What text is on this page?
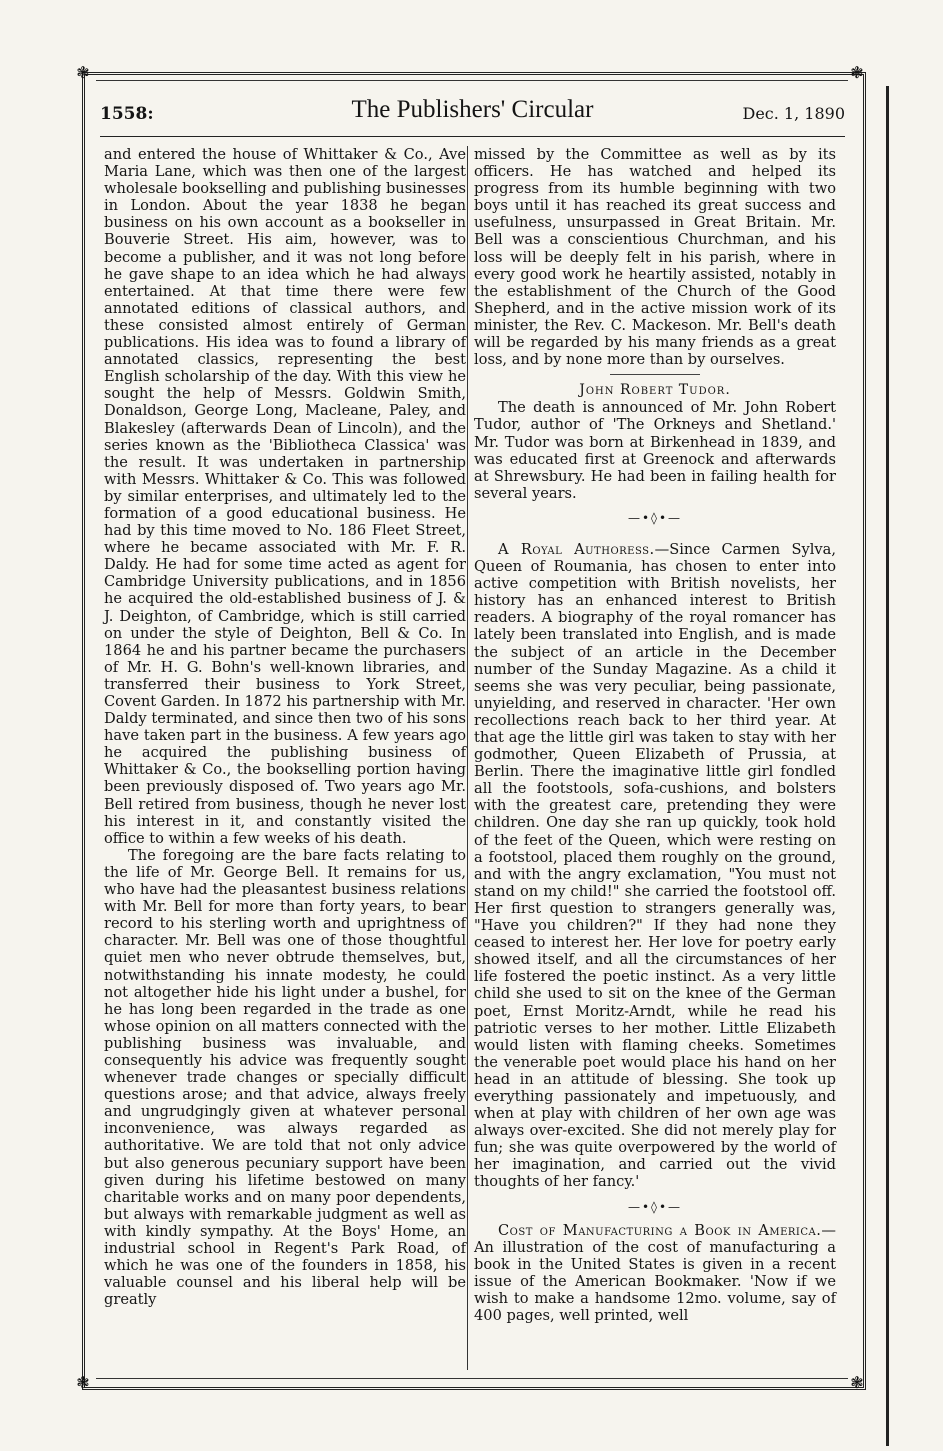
❃	❃
❃	❃
1558:	The Publishers' Circular	Dec. 1, 1890

and entered the house of Whittaker & Co., Ave Maria Lane, which was then one of the largest wholesale bookselling and publishing businesses in London. About the year 1838 he began business on his own account as a bookseller in Bouverie Street. His aim, however, was to become a publisher, and it was not long before he gave shape to an idea which he had always entertained. At that time there were few annotated editions of classical authors, and these consisted almost entirely of German publications. His idea was to found a library of annotated classics, representing the best English scholarship of the day. With this view he sought the help of Messrs. Goldwin Smith, Donaldson, George Long, Macleane, Paley, and Blakesley (afterwards Dean of Lincoln), and the series known as the 'Bibliotheca Classica' was the result. It was undertaken in partnership with Messrs. Whittaker & Co. This was followed by similar enterprises, and ultimately led to the formation of a good educational business. He had by this time moved to No. 186 Fleet Street, where he became associated with Mr. F. R. Daldy. He had for some time acted as agent for Cambridge University publications, and in 1856 he acquired the old-established business of J. & J. Deighton, of Cambridge, which is still carried on under the style of Deighton, Bell & Co. In 1864 he and his partner became the purchasers of Mr. H. G. Bohn's well-known libraries, and transferred their business to York Street, Covent Garden. In 1872 his partnership with Mr. Daldy terminated, and since then two of his sons have taken part in the business. A few years ago he acquired the publishing business of Whittaker & Co., the bookselling portion having been previously disposed of. Two years ago Mr. Bell retired from business, though he never lost his interest in it, and constantly visited the office to within a few weeks of his death.

The foregoing are the bare facts relating to the life of Mr. George Bell. It remains for us, who have had the pleasantest business relations with Mr. Bell for more than forty years, to bear record to his sterling worth and uprightness of character. Mr. Bell was one of those thoughtful quiet men who never obtrude themselves, but, notwithstanding his innate modesty, he could not altogether hide his light under a bushel, for he has long been regarded in the trade as one whose opinion on all matters connected with the publishing business was invaluable, and consequently his advice was frequently sought whenever trade changes or specially difficult questions arose; and that advice, always freely and ungrudgingly given at whatever personal inconvenience, was always regarded as authoritative. We are told that not only advice but also generous pecuniary support have been given during his lifetime bestowed on many charitable works and on many poor dependents, but always with remarkable judgment as well as with kindly sympathy. At the Boys' Home, an industrial school in Regent's Park Road, of which he was one of the founders in 1858, his valuable counsel and his liberal help will be greatly

missed by the Committee as well as by its officers. He has watched and helped its progress from its humble beginning with two boys until it has reached its great success and usefulness, unsurpassed in Great Britain. Mr. Bell was a conscientious Churchman, and his loss will be deeply felt in his parish, where in every good work he heartily assisted, notably in the establishment of the Church of the Good Shepherd, and in the active mission work of its minister, the Rev. C. Mackeson. Mr. Bell's death will be regarded by his many friends as a great loss, and by none more than by ourselves.

John Robert Tudor.

The death is announced of Mr. John Robert Tudor, author of 'The Orkneys and Shetland.' Mr. Tudor was born at Birkenhead in 1839, and was educated first at Greenock and afterwards at Shrewsbury. He had been in failing health for several years.

—•◊•—

A Royal Authoress.—Since Carmen Sylva, Queen of Roumania, has chosen to enter into active competition with British novelists, her history has an enhanced interest to British readers. A biography of the royal romancer has lately been translated into English, and is made the subject of an article in the December number of the Sunday Magazine. As a child it seems she was very peculiar, being passionate, unyielding, and reserved in character. 'Her own recollections reach back to her third year. At that age the little girl was taken to stay with her godmother, Queen Elizabeth of Prussia, at Berlin. There the imaginative little girl fondled all the footstools, sofa-cushions, and bolsters with the greatest care, pretending they were children. One day she ran up quickly, took hold of the feet of the Queen, which were resting on a footstool, placed them roughly on the ground, and with the angry exclamation, "You must not stand on my child!" she carried the footstool off. Her first question to strangers generally was, "Have you children?" If they had none they ceased to interest her. Her love for poetry early showed itself, and all the circumstances of her life fostered the poetic instinct. As a very little child she used to sit on the knee of the German poet, Ernst Moritz-Arndt, while he read his patriotic verses to her mother. Little Elizabeth would listen with flaming cheeks. Sometimes the venerable poet would place his hand on her head in an attitude of blessing. She took up everything passionately and impetuously, and when at play with children of her own age was always over-excited. She did not merely play for fun; she was quite overpowered by the world of her imagination, and carried out the vivid thoughts of her fancy.'

—•◊•—

Cost of Manufacturing a Book in America.—An illustration of the cost of manufacturing a book in the United States is given in a recent issue of the American Bookmaker. 'Now if we wish to make a handsome 12mo. volume, say of 400 pages, well printed, well
